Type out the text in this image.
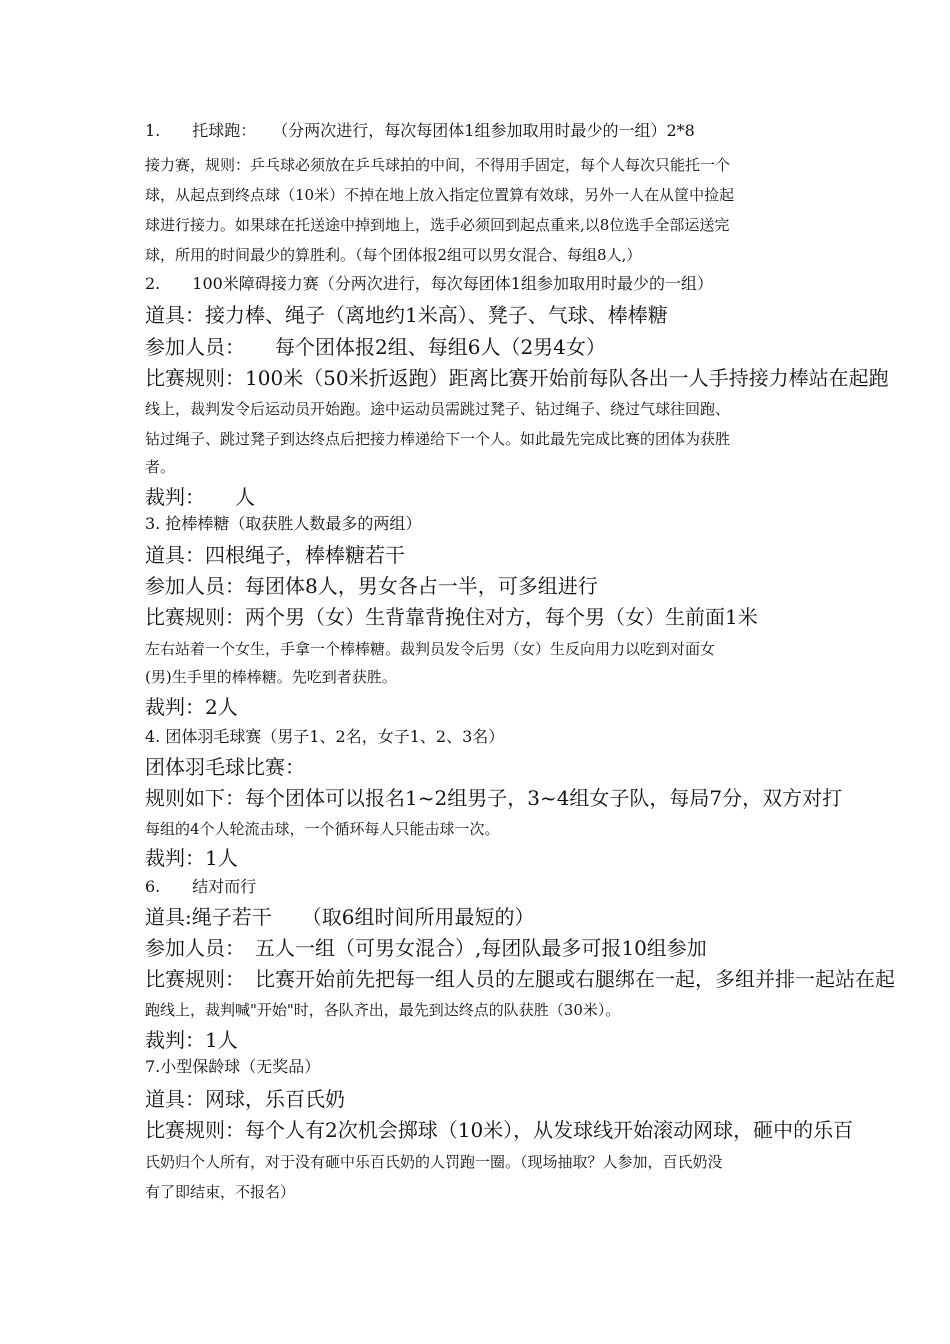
1.　　托球跑：　　（分两次进行，每次每团体1组参加取用时最少的一组）2*8
接力赛，规则：乒乓球必须放在乒乓球拍的中间，不得用手固定，每个人每次只能托一个
球，从起点到终点球（10米）不掉在地上放入指定位置算有效球，另外一人在从筐中捡起
球进行接力。如果球在托送途中掉到地上，选手必须回到起点重来,以8位选手全部运送完
球，所用的时间最少的算胜利。（每个团体报2组可以男女混合、每组8人,）
2.　　100米障碍接力赛（分两次进行，每次每团体1组参加取用时最少的一组）
道具：接力棒、绳子（离地约1米高）、凳子、气球、棒棒糖
参加人员：　　每个团体报2组、每组6人（2男4女）
比赛规则：100米（50米折返跑）距离比赛开始前每队各出一人手持接力棒站在起跑
线上，裁判发令后运动员开始跑。途中运动员需跳过凳子、钻过绳子、绕过气球往回跑、
钻过绳子、跳过凳子到达终点后把接力棒递给下一个人。如此最先完成比赛的团体为获胜
者。
裁判：　　人
3. 抢棒棒糖（取获胜人数最多的两组）
道具：四根绳子，棒棒糖若干
参加人员：每团体8人，男女各占一半，可多组进行
比赛规则：两个男（女）生背靠背挽住对方，每个男（女）生前面1米
左右站着一个女生，手拿一个棒棒糖。裁判员发令后男（女）生反向用力以吃到对面女
(男)生手里的棒棒糖。先吃到者获胜。
裁判：2人
4. 团体羽毛球赛（男子1、2名，女子1、2、3名）
团体羽毛球比赛：
规则如下：每个团体可以报名1~2组男子，3~4组女子队，每局7分，双方对打
每组的4个人轮流击球，一个循环每人只能击球一次。
裁判：1人
6.　　结对而行
道具:绳子若干　　（取6组时间所用最短的）
参加人员：　五人一组（可男女混合）,每团队最多可报10组参加
比赛规则：　比赛开始前先把每一组人员的左腿或右腿绑在一起，多组并排一起站在起
跑线上，裁判喊"开始"时，各队齐出，最先到达终点的队获胜（30米）。
裁判：1人
7.小型保龄球（无奖品）
道具：网球，乐百氏奶
比赛规则：每个人有2次机会掷球（10米），从发球线开始滚动网球，砸中的乐百
氏奶归个人所有，对于没有砸中乐百氏奶的人罚跑一圈。（现场抽取？人参加，百氏奶没
有了即结束，不报名）
